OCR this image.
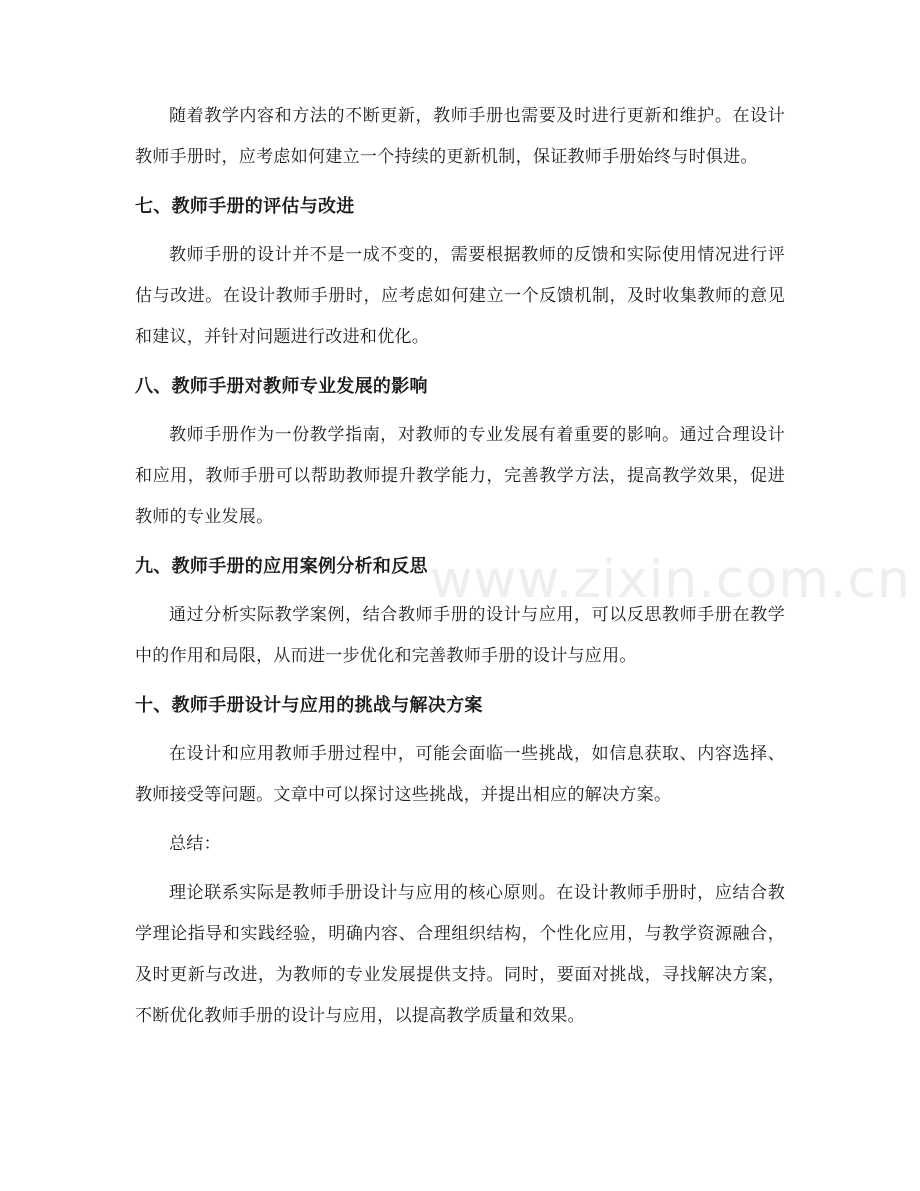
www.zixin.com.cn

随着教学内容和方法的不断更新，教师手册也需要及时进行更新和维护。在设计教师手册时，应考虑如何建立一个持续的更新机制，保证教师手册始终与时俱进。

七、教师手册的评估与改进

教师手册的设计并不是一成不变的，需要根据教师的反馈和实际使用情况进行评估与改进。在设计教师手册时，应考虑如何建立一个反馈机制，及时收集教师的意见和建议，并针对问题进行改进和优化。

八、教师手册对教师专业发展的影响

教师手册作为一份教学指南，对教师的专业发展有着重要的影响。通过合理设计和应用，教师手册可以帮助教师提升教学能力，完善教学方法，提高教学效果，促进教师的专业发展。

九、教师手册的应用案例分析和反思

通过分析实际教学案例，结合教师手册的设计与应用，可以反思教师手册在教学中的作用和局限，从而进一步优化和完善教师手册的设计与应用。

十、教师手册设计与应用的挑战与解决方案

在设计和应用教师手册过程中，可能会面临一些挑战，如信息获取、内容选择、教师接受等问题。文章中可以探讨这些挑战，并提出相应的解决方案。

总结：

理论联系实际是教师手册设计与应用的核心原则。在设计教师手册时，应结合教学理论指导和实践经验，明确内容、合理组织结构，个性化应用，与教学资源融合，及时更新与改进，为教师的专业发展提供支持。同时，要面对挑战，寻找解决方案，不断优化教师手册的设计与应用，以提高教学质量和效果。
